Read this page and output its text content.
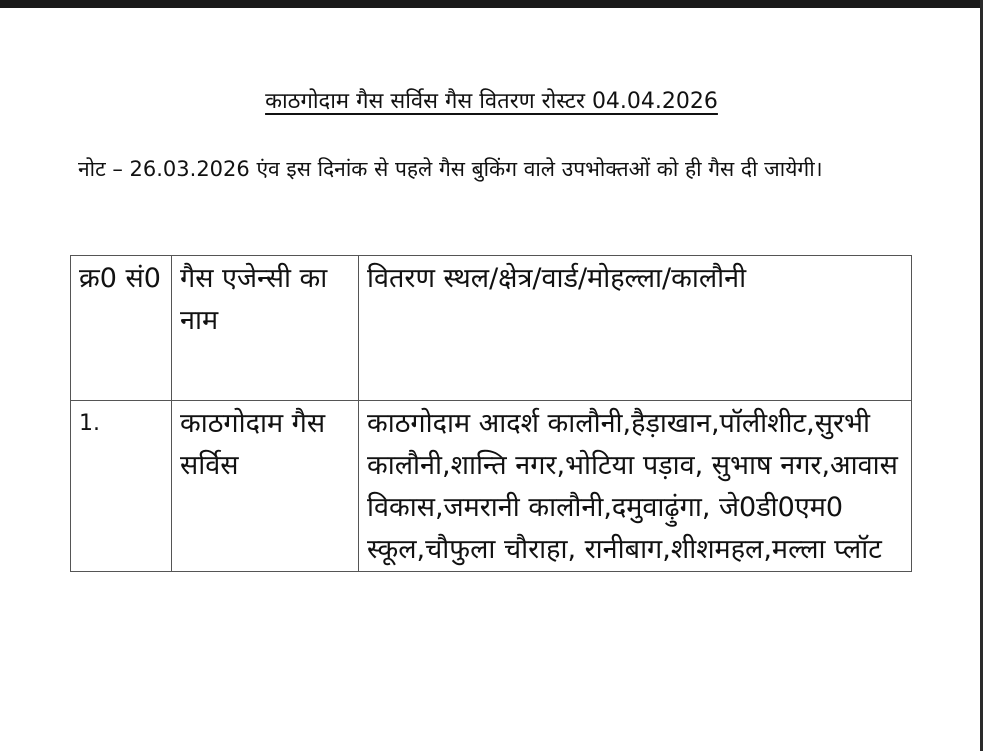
काठगोदाम गैस सर्विस गैस वितरण रोस्टर 04.04.2026
नोट – 26.03.2026 एंव इस दिनांक से पहले गैस बुकिंग वाले उपभोक्तओं को ही गैस दी जायेगी।
क्र0 सं0	गैस एजेन्सी का नाम	वितरण स्थल/क्षेत्र/वार्ड/मोहल्ला/कालौनी
1.	काठगोदाम गैस सर्विस	काठगोदाम आदर्श कालौनी,हैड़ाखान,पॉलीशीट,सुरभी कालौनी,शान्ति नगर,भोटिया पड़ाव, सुभाष नगर,आवास विकास,जमरानी कालौनी,दमुवाढ़ुंगा, जे0डी0एम0 स्कूल,चौफुला चौराहा, रानीबाग,शीशमहल,मल्ला प्लॉट
